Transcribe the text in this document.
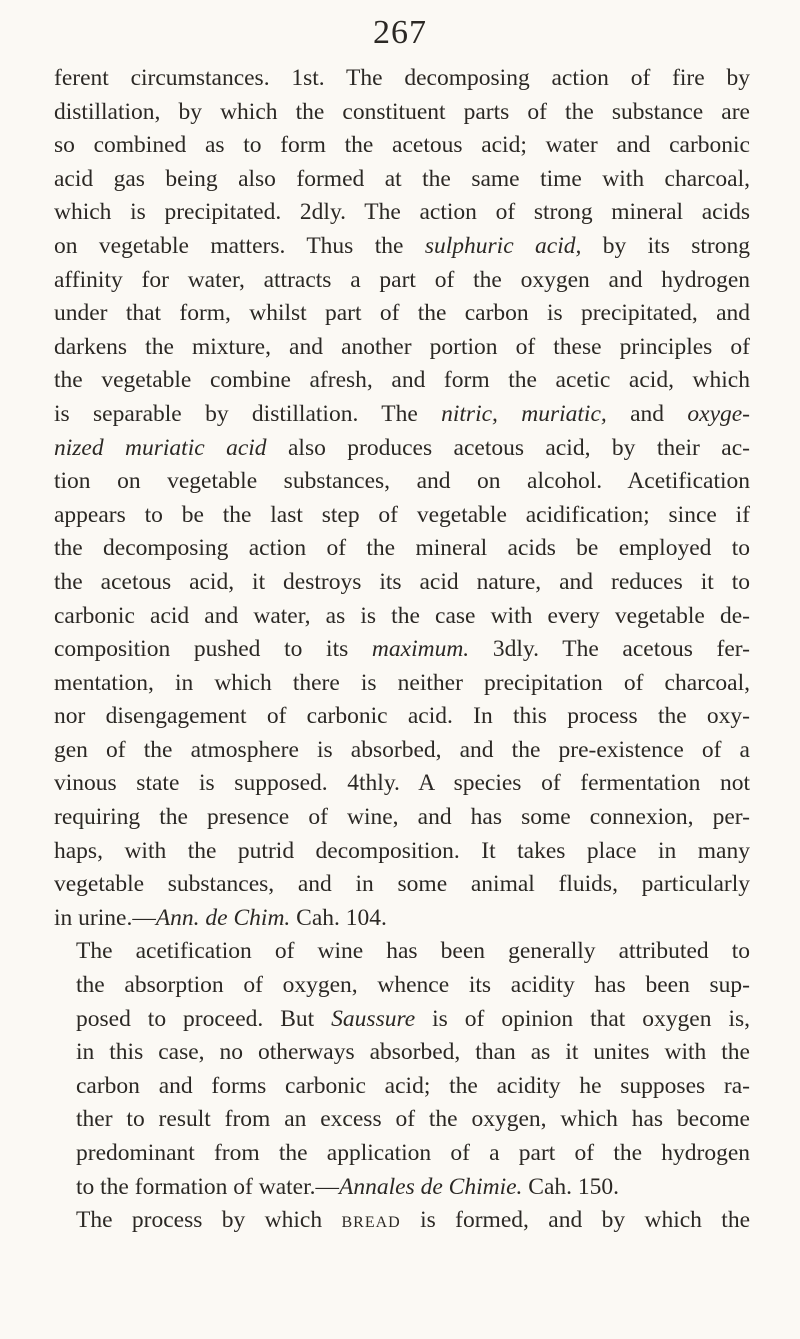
267
ferent circumstances. 1st. The decomposing action of fire by
distillation, by which the constituent parts of the substance are
so combined as to form the acetous acid; water and carbonic
acid gas being also formed at the same time with charcoal,
which is precipitated. 2dly. The action of strong mineral acids
on vegetable matters. Thus the sulphuric acid, by its strong
affinity for water, attracts a part of the oxygen and hydrogen
under that form, whilst part of the carbon is precipitated, and
darkens the mixture, and another portion of these principles of
the vegetable combine afresh, and form the acetic acid, which
is separable by distillation. The nitric, muriatic, and oxyge-
nized muriatic acid also produces acetous acid, by their ac-
tion on vegetable substances, and on alcohol. Acetification
appears to be the last step of vegetable acidification; since if
the decomposing action of the mineral acids be employed to
the acetous acid, it destroys its acid nature, and reduces it to
carbonic acid and water, as is the case with every vegetable de-
composition pushed to its maximum. 3dly. The acetous fer-
mentation, in which there is neither precipitation of charcoal,
nor disengagement of carbonic acid. In this process the oxy-
gen of the atmosphere is absorbed, and the pre-existence of a
vinous state is supposed. 4thly. A species of fermentation not
requiring the presence of wine, and has some connexion, per-
haps, with the putrid decomposition. It takes place in many
vegetable substances, and in some animal fluids, particularly
in urine.—Ann. de Chim. Cah. 104.
The acetification of wine has been generally attributed to
the absorption of oxygen, whence its acidity has been sup-
posed to proceed. But Saussure is of opinion that oxygen is,
in this case, no otherways absorbed, than as it unites with the
carbon and forms carbonic acid; the acidity he supposes ra-
ther to result from an excess of the oxygen, which has become
predominant from the application of a part of the hydrogen
to the formation of water.—Annales de Chimie. Cah. 150.
The process by which bread is formed, and by which the
